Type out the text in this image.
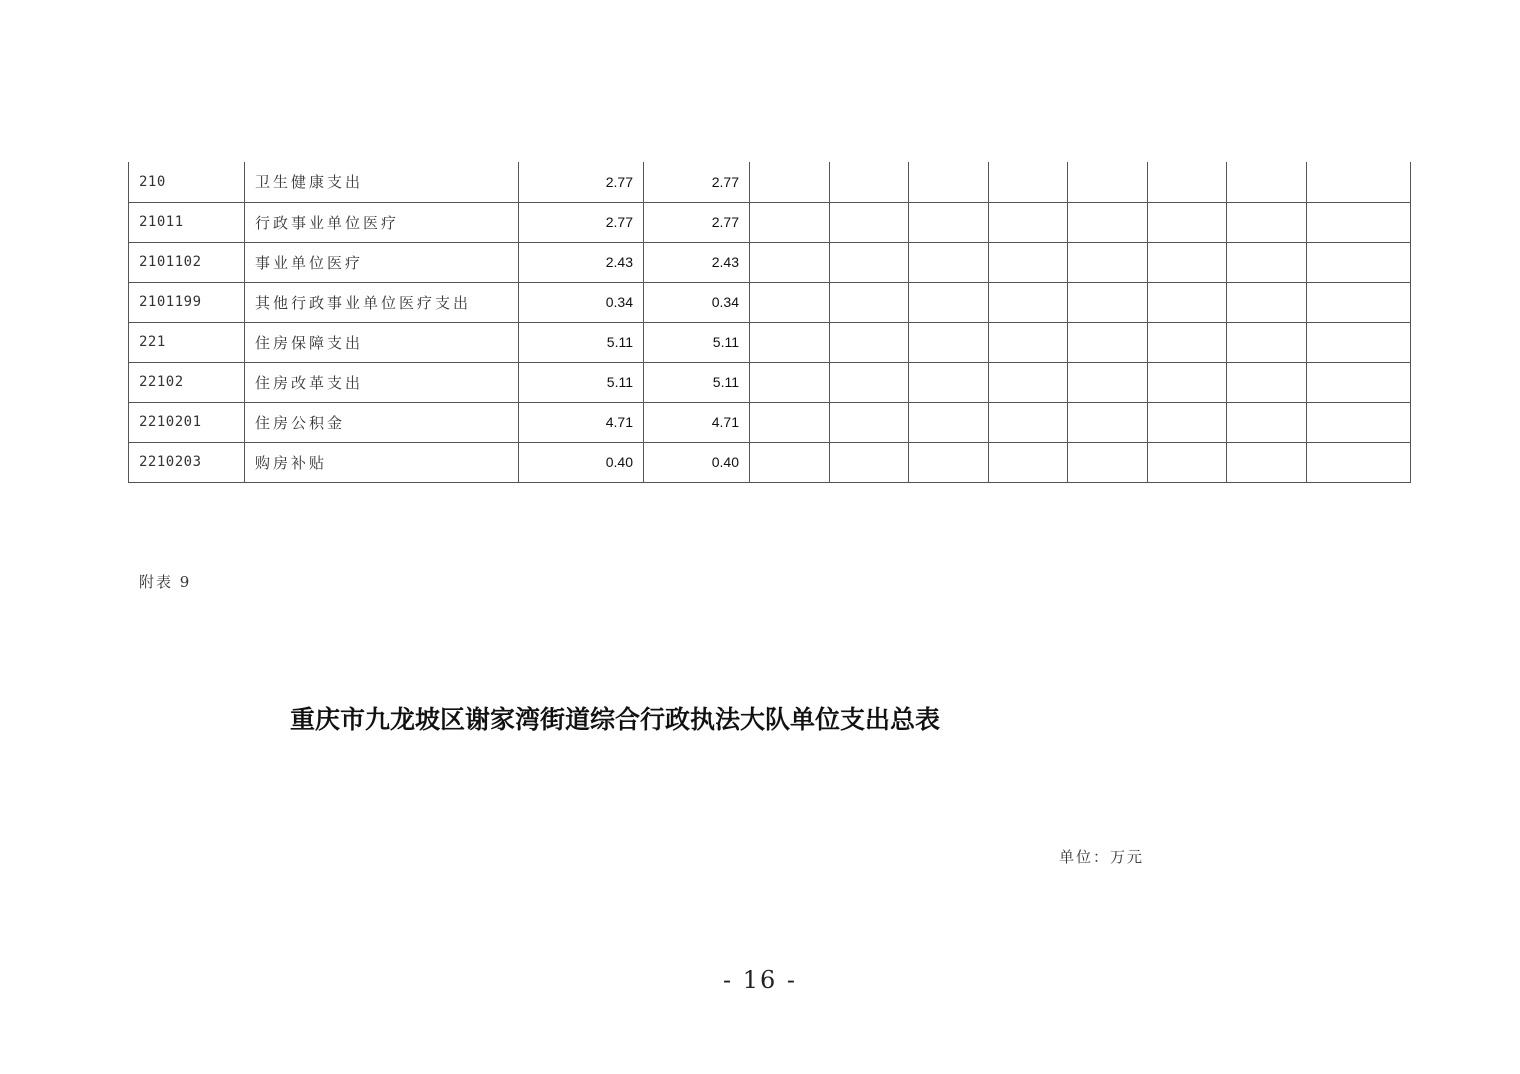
210	卫生健康支出	2.77	2.77								
21011	行政事业单位医疗	2.77	2.77								
2101102	事业单位医疗	2.43	2.43								
2101199	其他行政事业单位医疗支出	0.34	0.34								
221	住房保障支出	5.11	5.11								
22102	住房改革支出	5.11	5.11								
2210201	住房公积金	4.71	4.71								
2210203	购房补贴	0.40	0.40								
附表 9
重庆市九龙坡区谢家湾街道综合行政执法大队单位支出总表
单位：万元
- 16 -
